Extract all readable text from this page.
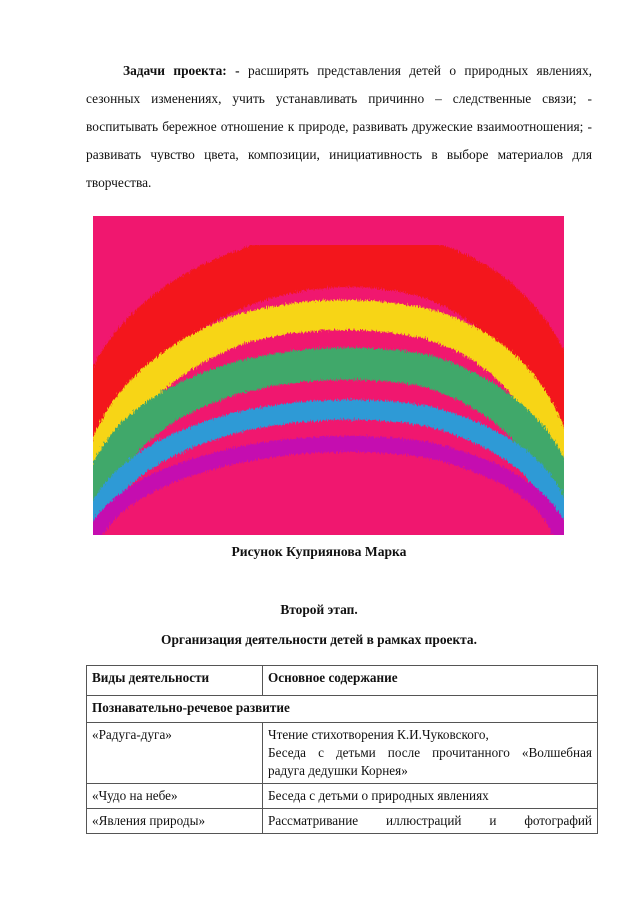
Задачи проекта: - расширять представления детей о природных явлениях, сезонных изменениях, учить устанавливать причинно – следственные связи; - воспитывать бережное отношение к природе, развивать дружеские взаимоотношения; - развивать чувство цвета, композиции, инициативность в выборе материалов для творчества.

Рисунок Куприянова Марка

Второй этап.

Организация деятельности детей в рамках проекта.

Виды деятельности	Основное содержание
Познавательно-речевое развитие	
«Радуга-дуга»	Чтение стихотворения К.И.Чуковского,
Беседа с детьми после прочитанного «Волшебная
радуга дедушки Корнея»

«Чудо на небе»	Беседа с детьми о природных явлениях

«Явления природы»	Рассматривание иллюстраций и фотографий
